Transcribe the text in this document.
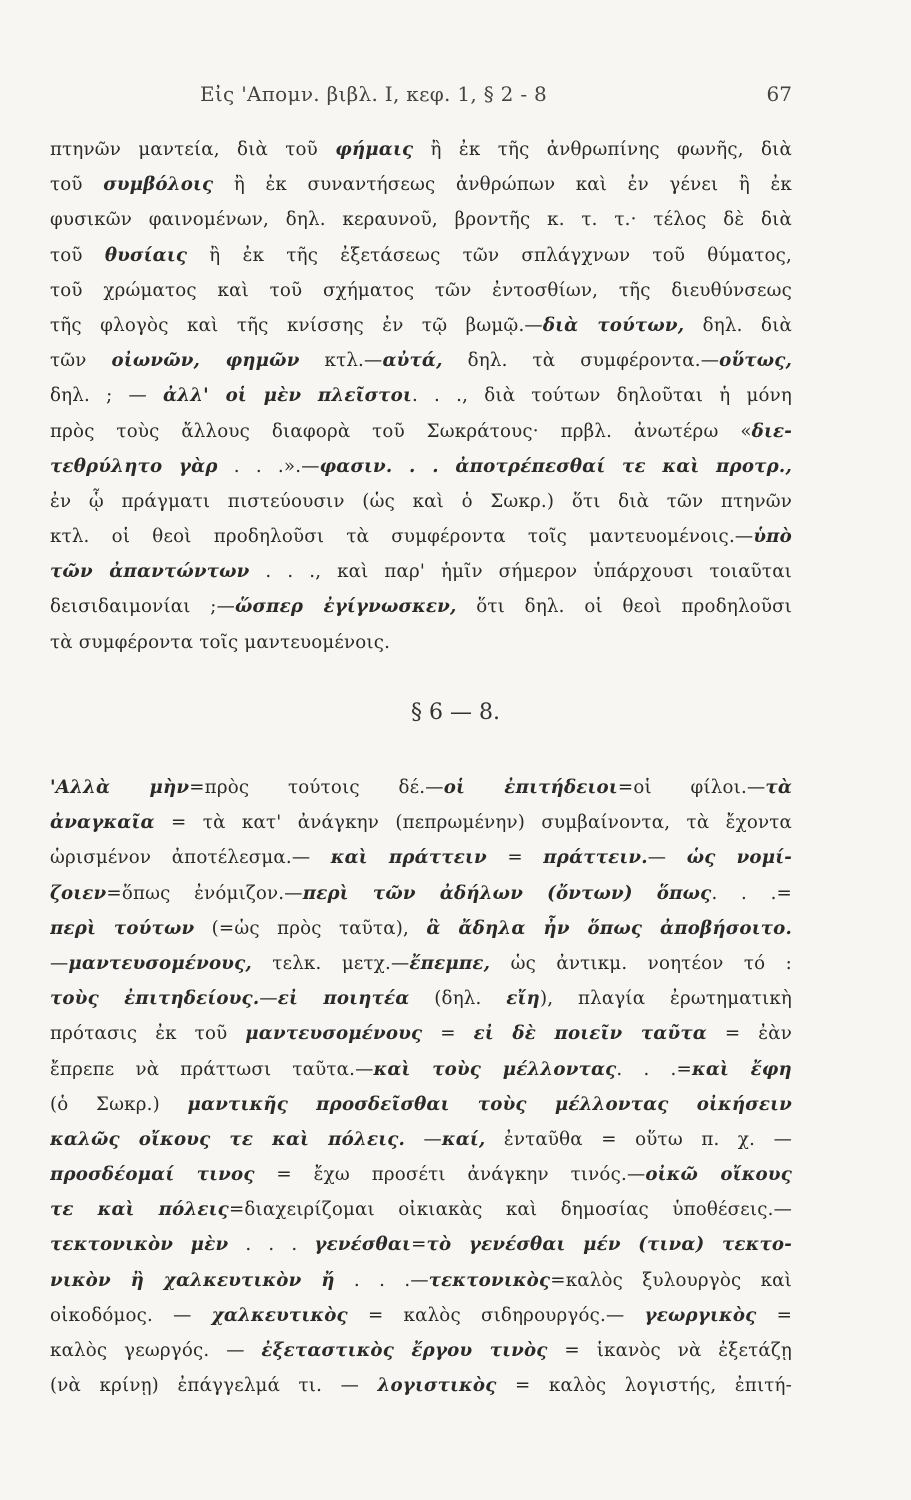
Εἰς 'Απομν. βιβλ. Ι, κεφ. 1, § 2 - 8	67
πτηνῶν μαντεία, διὰ τοῦ φήμαις ἢ ἐκ τῆς ἀνθρωπίνης φωνῆς, διὰ
τοῦ συμβόλοις ἢ ἐκ συναντήσεως ἀνθρώπων καὶ ἐν γένει ἢ ἐκ
φυσικῶν φαινομένων, δηλ. κεραυνοῦ, βροντῆς κ. τ. τ.· τέλος δὲ διὰ
τοῦ θυσίαις ἢ ἐκ τῆς ἐξετάσεως τῶν σπλάγχνων τοῦ θύματος,
τοῦ χρώματος καὶ τοῦ σχήματος τῶν ἐντοσθίων, τῆς διευθύνσεως
τῆς φλογὸς καὶ τῆς κνίσσης ἐν τῷ βωμῷ.—διὰ τούτων, δηλ. διὰ
τῶν οἰωνῶν, φημῶν κτλ.—αὐτά, δηλ. τὰ συμφέροντα.—οὕτως,
δηλ. ; — ἀλλ' οἱ μὲν πλεῖστοι. . ., διὰ τούτων δηλοῦται ἡ μόνη
πρὸς τοὺς ἄλλους διαφορὰ τοῦ Σωκράτους· πρβλ. ἀνωτέρω «διε-
τεθρύλητο γὰρ . . .».—φασιν. . . ἀποτρέπεσθαί τε καὶ προτρ.,
ἐν ᾧ πράγματι πιστεύουσιν (ὡς καὶ ὁ Σωκρ.) ὅτι διὰ τῶν πτηνῶν
κτλ. οἱ θεοὶ προδηλοῦσι τὰ συμφέροντα τοῖς μαντευομένοις.—ὑπὸ
τῶν ἀπαντώντων . . ., καὶ παρ' ἡμῖν σήμερον ὑπάρχουσι τοιαῦται
δεισιδαιμονίαι ;—ὥσπερ ἐγίγνωσκεν, ὅτι δηλ. οἱ θεοὶ προδηλοῦσι
τὰ συμφέροντα τοῖς μαντευομένοις.
§ 6 — 8.
'Αλλὰ μὴν=πρὸς τούτοις δέ.—οἱ ἐπιτήδειοι=οἱ φίλοι.—τὰ
ἀναγκαῖα = τὰ κατ' ἀνάγκην (πεπρωμένην) συμβαίνοντα, τὰ ἔχοντα
ὡρισμένον ἀποτέλεσμα.— καὶ πράττειν = πράττειν.— ὡς νομί-
ζοιεν=ὅπως ἐνόμιζον.—περὶ τῶν ἀδήλων (ὄντων) ὅπως. . .=
περὶ τούτων (=ὡς πρὸς ταῦτα), ἃ ἄδηλα ἦν ὅπως ἀποβήσοιτο.
—μαντευσομένους, τελκ. μετχ.—ἔπεμπε, ὡς ἀντικμ. νοητέον τό :
τοὺς ἐπιτηδείους.—εἰ ποιητέα (δηλ. εἴη), πλαγία ἐρωτηματικὴ
πρότασις ἐκ τοῦ μαντευσομένους = εἰ δὲ ποιεῖν ταῦτα = ἐὰν
ἔπρεπε νὰ πράττωσι ταῦτα.—καὶ τοὺς μέλλοντας. . .=καὶ ἔφη
(ὁ Σωκρ.) μαντικῆς προσδεῖσθαι τοὺς μέλλοντας οἰκήσειν
καλῶς οἴκους τε καὶ πόλεις. —καί, ἐνταῦθα = οὕτω π. χ. —
προσδέομαί τινος = ἔχω προσέτι ἀνάγκην τινός.—οἰκῶ οἴκους
τε καὶ πόλεις=διαχειρίζομαι οἰκιακὰς καὶ δημοσίας ὑποθέσεις.—
τεκτονικὸν μὲν . . . γενέσθαι=τὸ γενέσθαι μέν (τινα) τεκτο-
νικὸν ἢ χαλκευτικὸν ἤ . . .—τεκτονικὸς=καλὸς ξυλουργὸς καὶ
οἰκοδόμος. — χαλκευτικὸς = καλὸς σιδηρουργός.— γεωργικὸς =
καλὸς γεωργός. — ἐξεταστικὸς ἔργου τινὸς = ἱκανὸς νὰ ἐξετάζῃ
(νὰ κρίνῃ) ἐπάγγελμά τι. — λογιστικὸς = καλὸς λογιστής, ἐπιτή-
